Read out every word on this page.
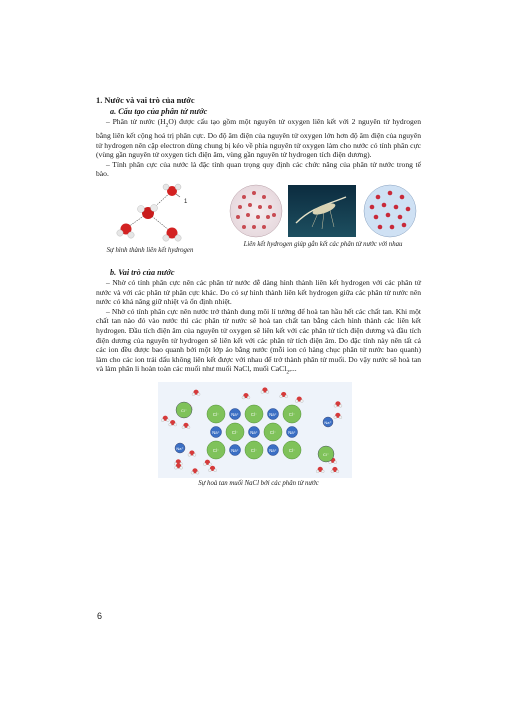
1. Nước và vai trò của nước
a. Cấu tạo của phân tử nước

– Phân tử nước $(H_2O)$ được cấu tạo gồm một nguyên tử oxygen liên kết với 2 nguyên tử hydrogen bằng liên kết cộng hoá trị phân cực. Do độ âm điện của nguyên tử oxygen lớn hơn độ âm điện của nguyên tử hydrogen nên cặp electron dùng chung bị kéo về phía nguyên tử oxygen làm cho nước có tính phân cực (vùng gần nguyên tử oxygen tích điện âm, vùng gần nguyên tử hydrogen tích điện dương).

– Tính phân cực của nước là đặc tính quan trọng quy định các chức năng của phân tử nước trong tế bào.

1
Sự hình thành liên kết hydrogen
Liên kết hydrogen giúp gắn kết các phân tử nước với nhau
b. Vai trò của nước

– Nhờ có tính phân cực nên các phân tử nước dễ dàng hình thành liên kết hydrogen với các phân tử nước và với các phân tử phân cực khác. Do có sự hình thành liên kết hydrogen giữa các phân tử nước nên nước có khả năng giữ nhiệt và ổn định nhiệt.

– Nhờ có tính phân cực nên nước trở thành dung môi lí tưởng để hoà tan hầu hết các chất tan. Khi một chất tan nào đó vào nước thì các phân tử nước sẽ hoà tan chất tan bằng cách hình thành các liên kết hydrogen. Đầu tích điện âm của nguyên tử oxygen sẽ liên kết với các phân tử tích điện dương và đầu tích điện dương của nguyên tử hydrogen sẽ liên kết với các phân tử tích điện âm. Do đặc tính này nên tất cả các ion đều được bao quanh bởi một lớp áo bằng nước (mỗi ion có hàng chục phân tử nước bao quanh) làm cho các ion trái dấu không liên kết được với nhau để trở thành phân tử muối. Do vậy nước sẽ hoà tan và làm phân li hoàn toàn các muối như muối NaCl, muối CaCl$_2$,...

Cl⁻	Na⁺	Cl⁻	Na⁺	Cl⁻
Na⁺	Cl⁻	Na⁺	Cl⁻	Na⁺
Cl⁻	Na⁺	Cl⁻	Na⁺	Cl⁻
Cl⁻
Na⁺
Na⁺
Cl⁻
Sự hoà tan muối NaCl bởi các phân tử nước
6
